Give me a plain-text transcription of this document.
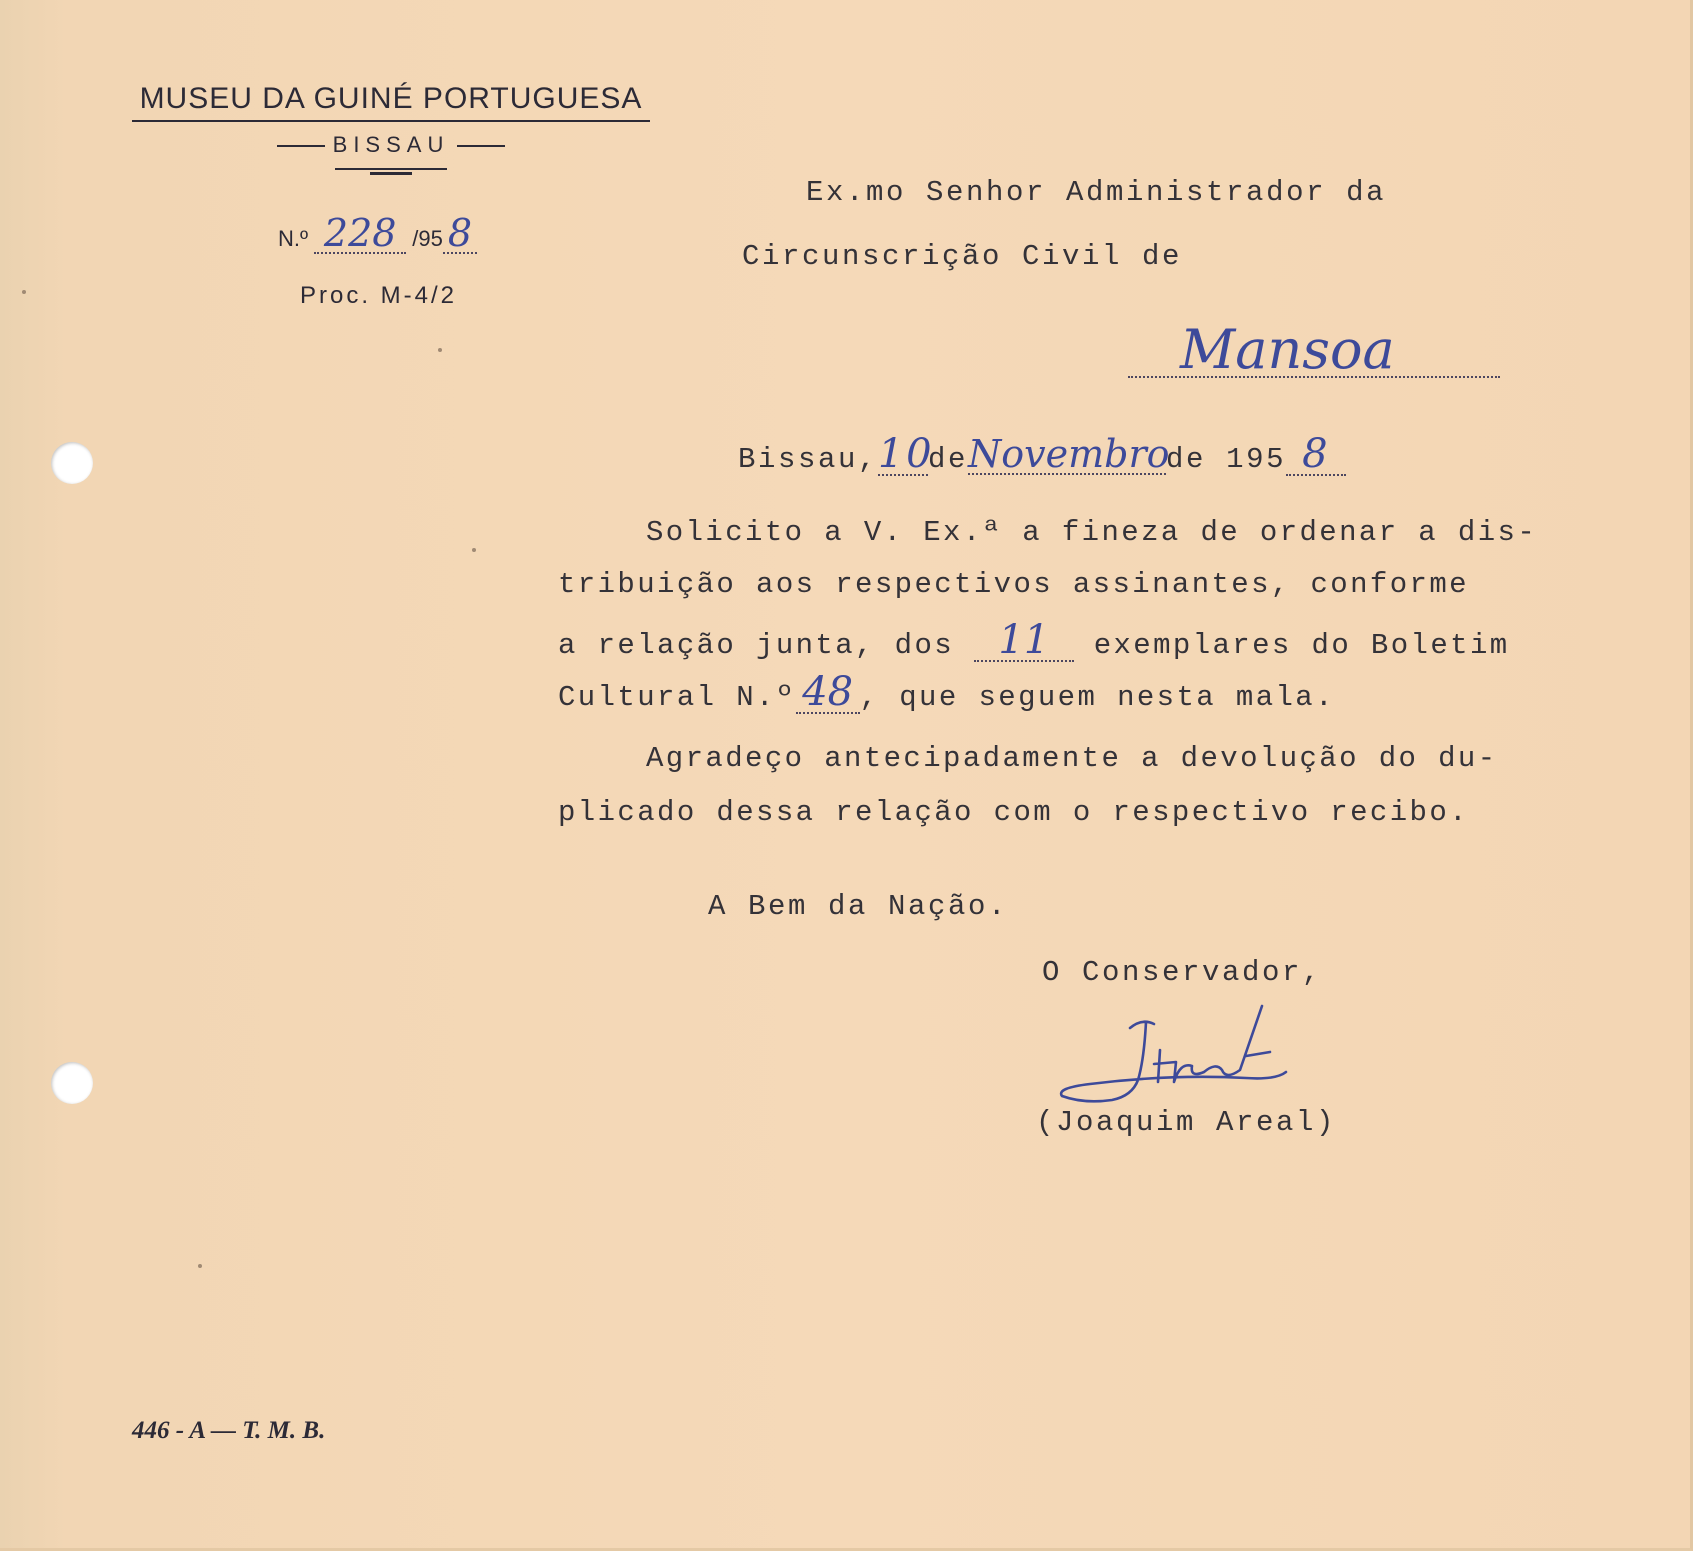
MUSEU DA GUINÉ PORTUGUESA
BISSAU
N.º 228 /95 8
Proc. M-4/2
Ex.mo Senhor Administrador da
Circunscrição Civil de
Mansoa
Bissau,10deNovembrode 195 8
Solicito a V. Ex.ª a fineza de ordenar a dis-
tribuição aos respectivos assinantes, conforme
a relação junta, dos 11 exemplares do Boletim
Cultural N.º 48 , que seguem nesta mala.
Agradeço antecipadamente a devolução do du-
plicado dessa relação com o respectivo recibo.
A Bem da Nação.
O Conservador,
(Joaquim Areal)
446 - A — T. M. B.
